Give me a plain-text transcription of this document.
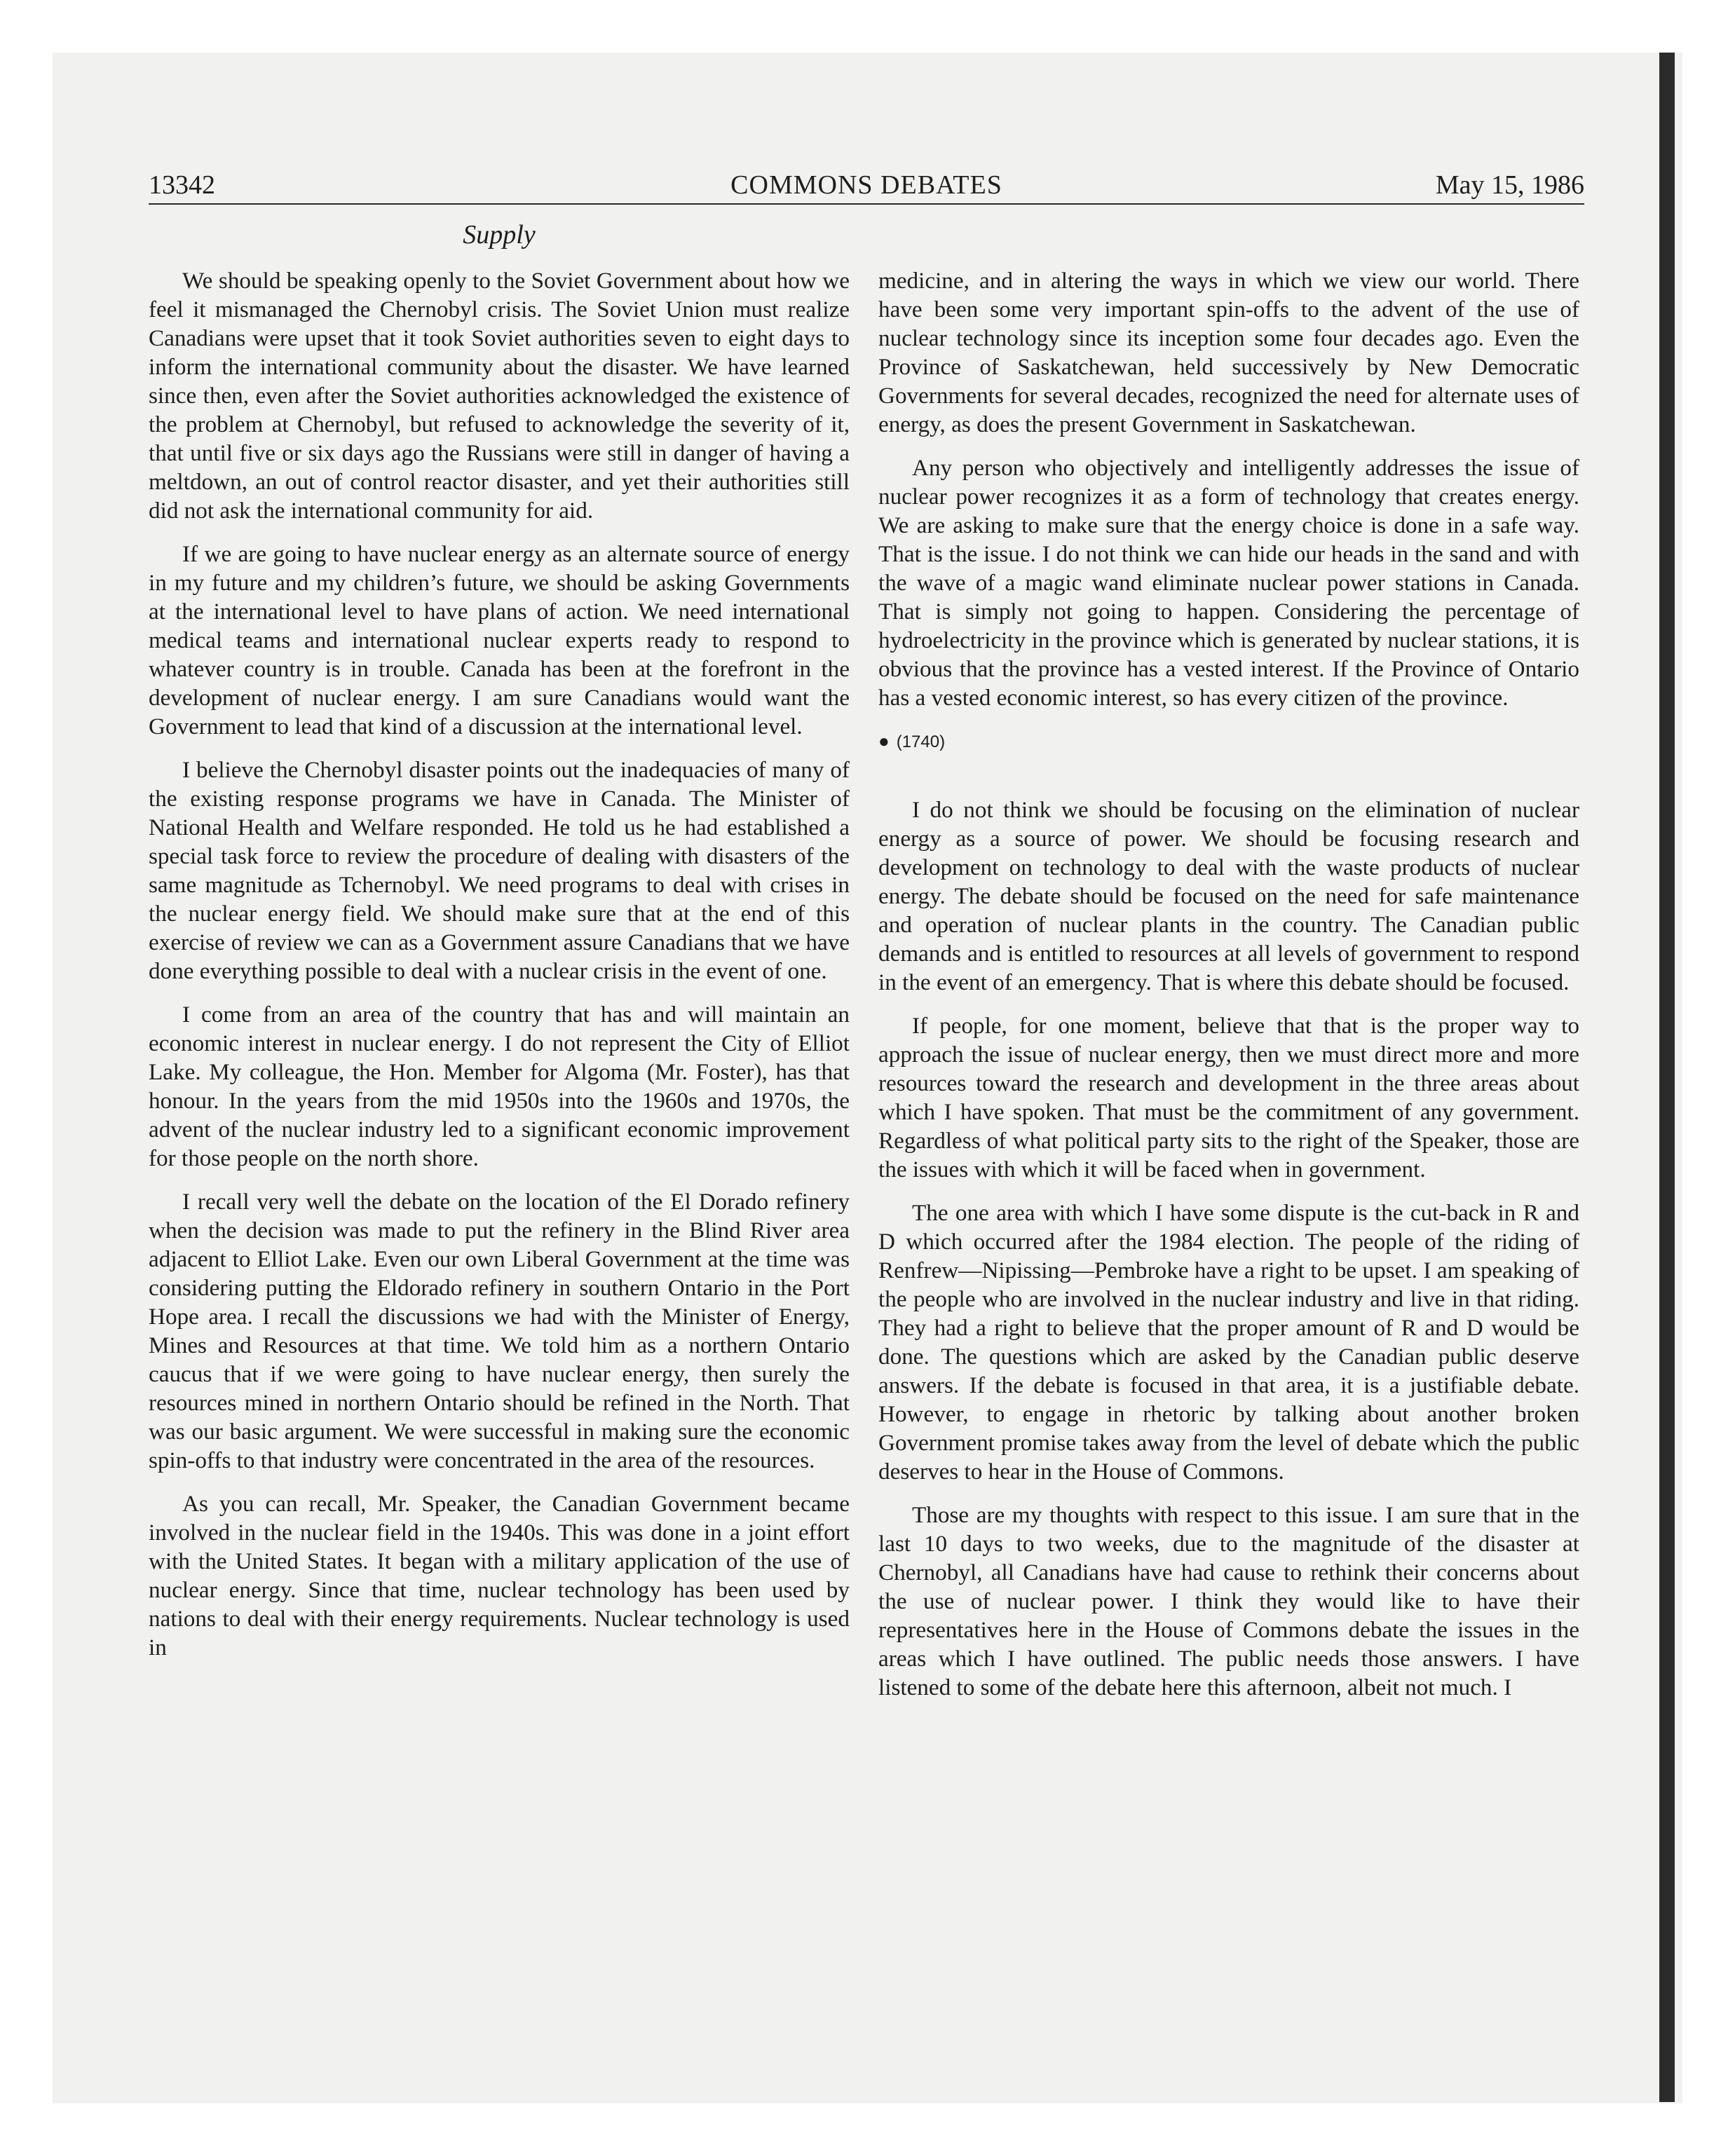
13342	COMMONS DEBATES	May 15, 1986
Supply

We should be speaking openly to the Soviet Government about how we feel it mismanaged the Chernobyl crisis. The Soviet Union must realize Canadians were upset that it took Soviet authorities seven to eight days to inform the international community about the disaster. We have learned since then, even after the Soviet authorities acknowledged the existence of the problem at Chernobyl, but refused to acknowledge the severity of it, that until five or six days ago the Russians were still in danger of having a meltdown, an out of control reactor disaster, and yet their authorities still did not ask the international community for aid.

If we are going to have nuclear energy as an alternate source of energy in my future and my children’s future, we should be asking Governments at the international level to have plans of action. We need international medical teams and international nuclear experts ready to respond to whatever country is in trouble. Canada has been at the forefront in the development of nuclear energy. I am sure Canadians would want the Government to lead that kind of a discussion at the international level.

I believe the Chernobyl disaster points out the inadequacies of many of the existing response programs we have in Canada. The Minister of National Health and Welfare responded. He told us he had established a special task force to review the procedure of dealing with disasters of the same magnitude as Tchernobyl. We need programs to deal with crises in the nuclear energy field. We should make sure that at the end of this exercise of review we can as a Government assure Canadians that we have done everything possible to deal with a nuclear crisis in the event of one.

I come from an area of the country that has and will maintain an economic interest in nuclear energy. I do not represent the City of Elliot Lake. My colleague, the Hon. Member for Algoma (Mr. Foster), has that honour. In the years from the mid 1950s into the 1960s and 1970s, the advent of the nuclear industry led to a significant economic improvement for those people on the north shore.

I recall very well the debate on the location of the El Dorado refinery when the decision was made to put the refinery in the Blind River area adjacent to Elliot Lake. Even our own Liberal Government at the time was considering putting the Eldorado refinery in southern Ontario in the Port Hope area. I recall the discussions we had with the Minister of Energy, Mines and Resources at that time. We told him as a northern Ontario caucus that if we were going to have nuclear energy, then surely the resources mined in northern Ontario should be refined in the North. That was our basic argument. We were successful in making sure the economic spin-offs to that industry were concentrated in the area of the resources.

As you can recall, Mr. Speaker, the Canadian Government became involved in the nuclear field in the 1940s. This was done in a joint effort with the United States. It began with a military application of the use of nuclear energy. Since that time, nuclear technology has been used by nations to deal with their energy requirements. Nuclear technology is used in

medicine, and in altering the ways in which we view our world. There have been some very important spin-offs to the advent of the use of nuclear technology since its inception some four decades ago. Even the Province of Saskatchewan, held successively by New Democratic Governments for several decades, recognized the need for alternate uses of energy, as does the present Government in Saskatchewan.

Any person who objectively and intelligently addresses the issue of nuclear power recognizes it as a form of technology that creates energy. We are asking to make sure that the energy choice is done in a safe way. That is the issue. I do not think we can hide our heads in the sand and with the wave of a magic wand eliminate nuclear power stations in Canada. That is simply not going to happen. Considering the percentage of hydroelectricity in the province which is generated by nuclear stations, it is obvious that the province has a vested interest. If the Province of Ontario has a vested economic interest, so has every citizen of the province.

● (1740)

I do not think we should be focusing on the elimination of nuclear energy as a source of power. We should be focusing research and development on technology to deal with the waste products of nuclear energy. The debate should be focused on the need for safe maintenance and operation of nuclear plants in the country. The Canadian public demands and is entitled to resources at all levels of government to respond in the event of an emergency. That is where this debate should be focused.

If people, for one moment, believe that that is the proper way to approach the issue of nuclear energy, then we must direct more and more resources toward the research and development in the three areas about which I have spoken. That must be the commitment of any government. Regardless of what political party sits to the right of the Speaker, those are the issues with which it will be faced when in government.

The one area with which I have some dispute is the cut-back in R and D which occurred after the 1984 election. The people of the riding of Renfrew—Nipissing—Pembroke have a right to be upset. I am speaking of the people who are involved in the nuclear industry and live in that riding. They had a right to believe that the proper amount of R and D would be done. The questions which are asked by the Canadian public deserve answers. If the debate is focused in that area, it is a justifiable debate. However, to engage in rhetoric by talking about another broken Government promise takes away from the level of debate which the public deserves to hear in the House of Commons.

Those are my thoughts with respect to this issue. I am sure that in the last 10 days to two weeks, due to the magnitude of the disaster at Chernobyl, all Canadians have had cause to rethink their concerns about the use of nuclear power. I think they would like to have their representatives here in the House of Commons debate the issues in the areas which I have outlined. The public needs those answers. I have listened to some of the debate here this afternoon, albeit not much. I
